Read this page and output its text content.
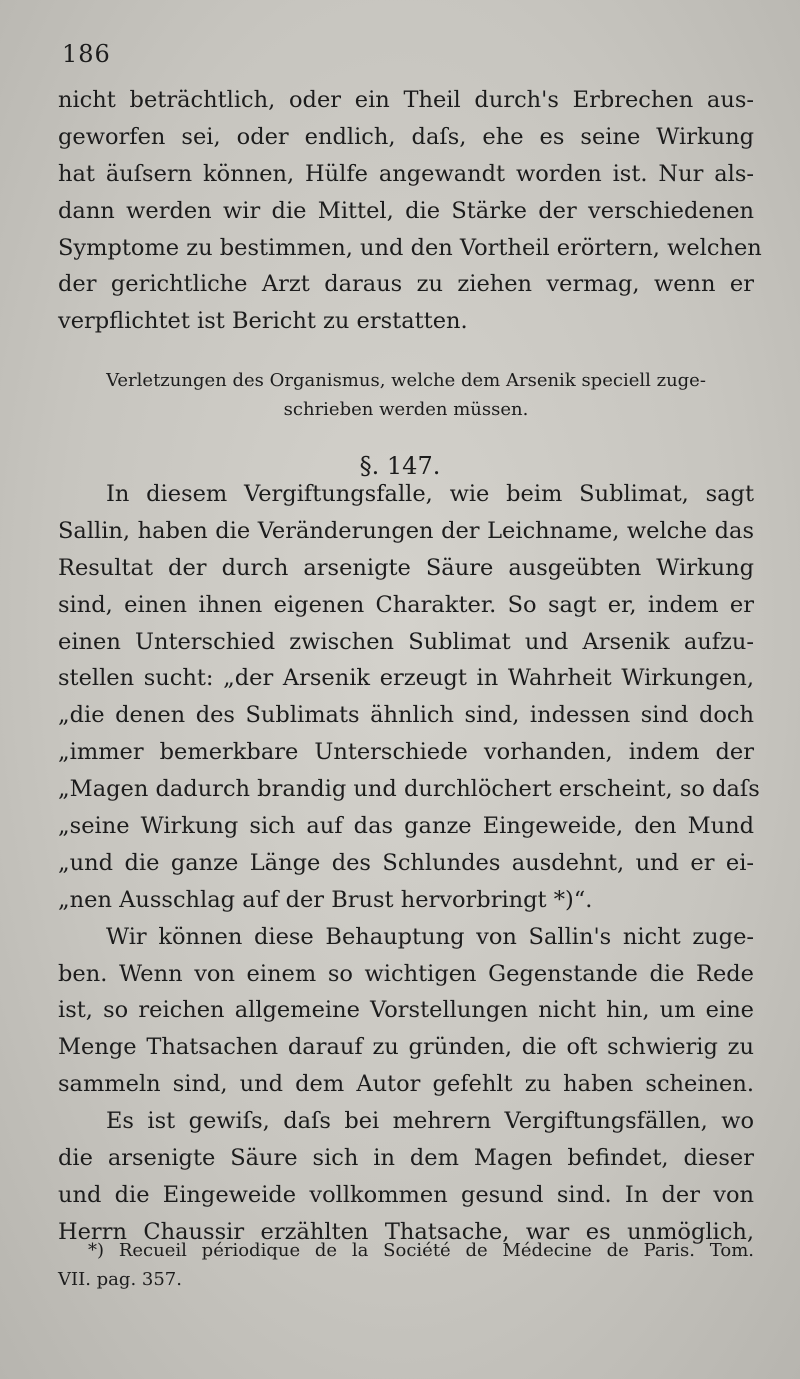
186
nicht beträchtlich, oder ein Theil durch's Erbrechen aus-
geworfen sei, oder endlich, daſs, ehe es seine Wirkung
hat äuſsern können, Hülfe angewandt worden ist. Nur als-
dann werden wir die Mittel, die Stärke der verschiedenen
Symptome zu bestimmen, und den Vortheil erörtern, welchen
der gerichtliche Arzt daraus zu ziehen vermag, wenn er
verpflichtet ist Bericht zu erstatten.
Verletzungen des Organismus, welche dem Arsenik speciell zuge-
schrieben werden müssen.
§. 147.
In diesem Vergiftungsfalle, wie beim Sublimat, sagt
Sallin, haben die Veränderungen der Leichname, welche das
Resultat der durch arsenigte Säure ausgeübten Wirkung
sind, einen ihnen eigenen Charakter. So sagt er, indem er
einen Unterschied zwischen Sublimat und Arsenik aufzu-
stellen sucht: „der Arsenik erzeugt in Wahrheit Wirkungen,
„die denen des Sublimats ähnlich sind, indessen sind doch
„immer bemerkbare Unterschiede vorhanden, indem der
„Magen dadurch brandig und durchlöchert erscheint, so daſs
„seine Wirkung sich auf das ganze Eingeweide, den Mund
„und die ganze Länge des Schlundes ausdehnt, und er ei-
„nen Ausschlag auf der Brust hervorbringt *)“.
Wir können diese Behauptung von Sallin's nicht zuge-
ben. Wenn von einem so wichtigen Gegenstande die Rede
ist, so reichen allgemeine Vorstellungen nicht hin, um eine
Menge Thatsachen darauf zu gründen, die oft schwierig zu
sammeln sind, und dem Autor gefehlt zu haben scheinen.
Es ist gewiſs, daſs bei mehrern Vergiftungsfällen, wo
die arsenigte Säure sich in dem Magen befindet, dieser
und die Eingeweide vollkommen gesund sind. In der von
Herrn Chaussir erzählten Thatsache, war es unmöglich,
*) Recueil périodique de la Société de Médecine de Paris. Tom.
VII. pag. 357.
